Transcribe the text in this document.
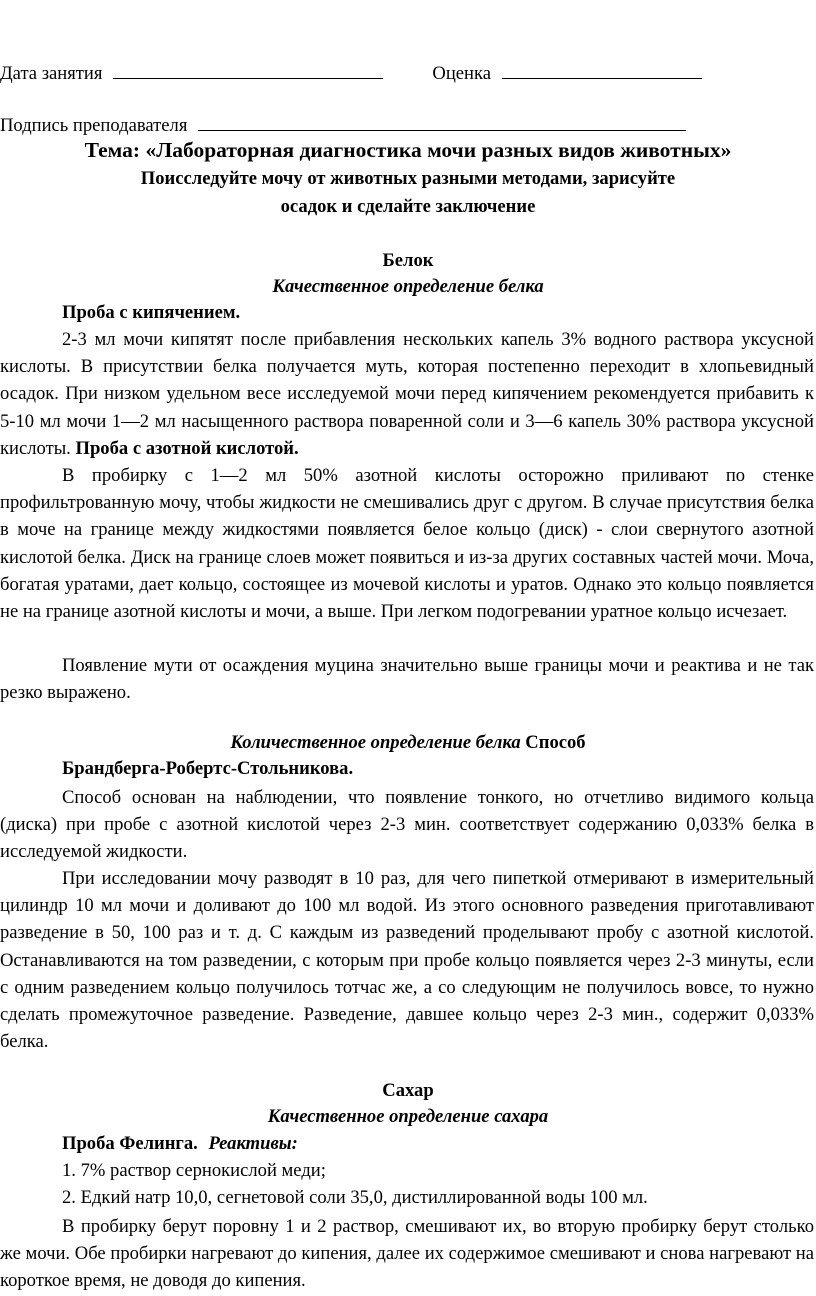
Дата занятия	Оценка
Подпись преподавателя
Тема: «Лабораторная диагностика мочи разных видов животных»
Поисследуйте мочу от животных разными методами, зарисуйте
осадок и сделайте заключение
Белок
Качественное определение белка
Проба с кипячением.
2-3 мл мочи кипятят после прибавления нескольких капель 3% водного раствора уксусной кислоты. В присутствии белка получается муть, которая постепенно переходит в хлопьевидный осадок. При низком удельном весе исследуемой мочи перед кипячением рекомендуется прибавить к 5-10 мл мочи 1—2 мл насыщенного раствора поваренной соли и 3—6 капель 30% раствора уксусной кислоты. Проба с азотной кислотой.
В пробирку с 1—2 мл 50% азотной кислоты осторожно приливают по стенке профильтрованную мочу, чтобы жидкости не смешивались друг с другом. В случае присутствия белка в моче на границе между жидкостями появляется белое кольцо (диск) - слои свернутого азотной кислотой белка. Диск на границе слоев может появиться и из-за других составных частей мочи. Моча, богатая уратами, дает кольцо, состоящее из мочевой кислоты и уратов. Однако это кольцо появляется не на границе азотной кислоты и мочи, а выше. При легком подогревании уратное кольцо исчезает.
Появление мути от осаждения муцина значительно выше границы мочи и реактива и не так резко выражено.
Количественное определение белка Способ
Брандберга-Робертс-Стольникова.
Способ основан на наблюдении, что появление тонкого, но отчетливо видимого кольца (диска) при пробе с азотной кислотой через 2-3 мин. соответствует содержанию 0,033% белка в исследуемой жидкости.
При исследовании мочу разводят в 10 раз, для чего пипеткой отмеривают в измерительный цилиндр 10 мл мочи и доливают до 100 мл водой. Из этого основного разведения приготавливают разведение в 50, 100 раз и т. д. С каждым из разведений проделывают пробу с азотной кислотой. Останавливаются на том разведении, с которым при пробе кольцо появляется через 2-3 минуты, если с одним разведением кольцо получилось тотчас же, а со следующим не получилось вовсе, то нужно сделать промежуточное разведение. Разведение, давшее кольцо через 2-3 мин., содержит 0,033% белка.
Сахар
Качественное определение сахара
Проба Фелинга. Реактивы:
1. 7% раствор сернокислой меди;
2. Едкий натр 10,0, сегнетовой соли 35,0, дистиллированной воды 100 мл.
В пробирку берут поровну 1 и 2 раствор, смешивают их, во вторую пробирку берут столько же мочи. Обе пробирки нагревают до кипения, далее их содержимое смешивают и снова нагревают на короткое время, не доводя до кипения.
